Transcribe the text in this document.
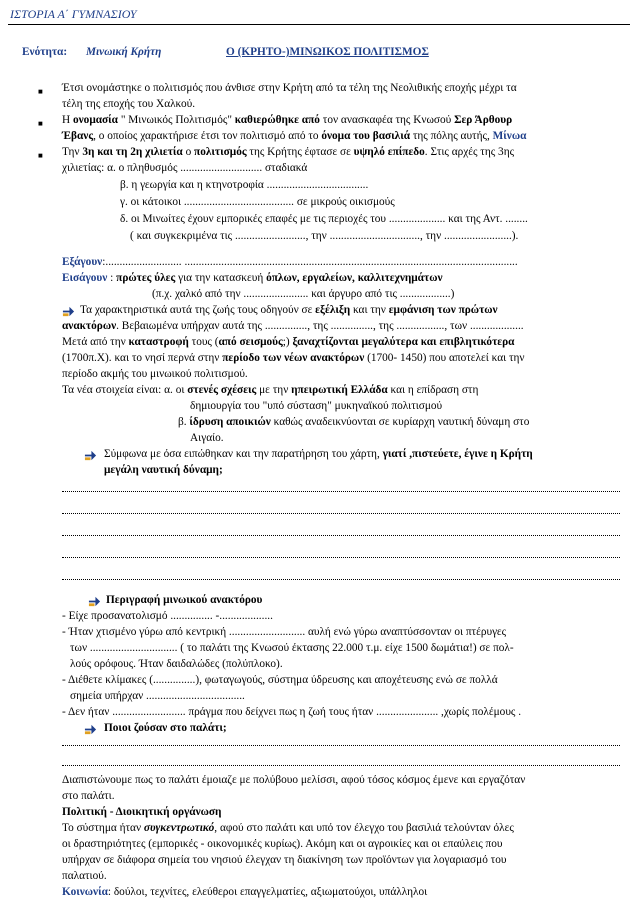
ΙΣΤΟΡΙΑ Α΄ ΓΥΜΝΑΣΙΟΥ
Ενότητα: Μινωική Κρήτη	Ο (ΚΡΗΤΟ-)ΜΙΝΩΙΚΟΣ ΠΟΛΙΤΙΣΜΟΣ
■ Έτσι ονομάστηκε ο πολιτισμός που άνθισε στην Κρήτη από τα τέλη της Νεολιθικής εποχής μέχρι τα
τέλη της εποχής του Χαλκού.
■ Η ονομασία " Μινωικός Πολιτισμός" καθιερώθηκε από τον ανασκαφέα της Κνωσού Σερ Άρθουρ
Έβανς, ο οποίος χαρακτήρισε έτσι τον πολιτισμό από το όνομα του βασιλιά της πόλης αυτής, Μίνωα
■ Την 3η και τη 2η χιλιετία ο πολιτισμός της Κρήτης έφτασε σε υψηλό επίπεδο. Στις αρχές της 3ης
χιλιετίας: α. ο πληθυσμός ............................. σταδιακά
β. η γεωργία και η κτηνοτροφία ....................................
γ. οι κάτοικοι ....................................... σε μικρούς οικισμούς
δ. οι Μινωίτες έχουν εμπορικές επαφές με τις περιοχές του .................... και της Αντ. ........
( και συγκεκριμένα τις ........................., την ................................, την ........................).
Εξάγουν:........................... ......................................................................................................................
Εισάγουν : πρώτες ύλες για την κατασκευή όπλων, εργαλείων, καλλιτεχνημάτων
(π.χ. χαλκό από την ....................... και άργυρο από τις ..................)
Τα χαρακτηριστικά αυτά της ζωής τους οδηγούν σε εξέλιξη και την εμφάνιση των πρώτων
ανακτόρων. Βεβαιωμένα υπήρχαν αυτά της ..............., της ..............., της ................., των ...................
Μετά από την καταστροφή τους (από σεισμούς;) ξαναχτίζονται μεγαλύτερα και επιβλητικότερα
(1700π.Χ). και το νησί περνά στην περίοδο των νέων ανακτόρων (1700- 1450) που αποτελεί και την
περίοδο ακμής του μινωικού πολιτισμού.
Τα νέα στοιχεία είναι: α. οι στενές σχέσεις με την ηπειρωτική Ελλάδα και η επίδραση στη
δημιουργία του "υπό σύσταση" μυκηναϊκού πολιτισμού
β. ίδρυση αποικιών καθώς αναδεικνύονται σε κυρίαρχη ναυτική δύναμη στο
Αιγαίο.
Σύμφωνα με όσα ειπώθηκαν και την παρατήρηση του χάρτη, γιατί ,πιστεύετε, έγινε η Κρήτη
μεγάλη ναυτική δύναμη;
Περιγραφή μινωικού ανακτόρου
- Είχε προσανατολισμό ............... -...................
- Ήταν χτισμένο γύρω από κεντρική ........................... αυλή ενώ γύρω αναπτύσσονταν οι πτέρυγες
των ............................... ( το παλάτι της Κνωσού έκτασης 22.000 τ.μ. είχε 1500 δωμάτια!) σε πολ-
λούς ορόφους. Ήταν δαιδαλώδες (πολύπλοκο).
- Διέθετε κλίμακες (...............), φωταγωγούς, σύστημα ύδρευσης και αποχέτευσης ενώ σε πολλά
σημεία υπήρχαν ...................................
- Δεν ήταν .......................... πράγμα που δείχνει πως η ζωή τους ήταν ...................... ,χωρίς πολέμους .
Ποιοι ζούσαν στο παλάτι;
Διαπιστώνουμε πως το παλάτι έμοιαζε με πολύβουο μελίσσι, αφού τόσος κόσμος έμενε και εργαζόταν
στο παλάτι.
Πολιτική - Διοικητική οργάνωση
Το σύστημα ήταν συγκεντρωτικό, αφού στο παλάτι και υπό τον έλεγχο του βασιλιά τελούνταν όλες
οι δραστηριότητες (εμπορικές - οικονομικές κυρίως). Ακόμη και οι αγροικίες και οι επαύλεις που
υπήρχαν σε διάφορα σημεία του νησιού έλεγχαν τη διακίνηση των προϊόντων για λογαριασμό του
παλατιού.
Κοινωνία: δούλοι, τεχνίτες, ελεύθεροι επαγγελματίες, αξιωματούχοι, υπάλληλοι
